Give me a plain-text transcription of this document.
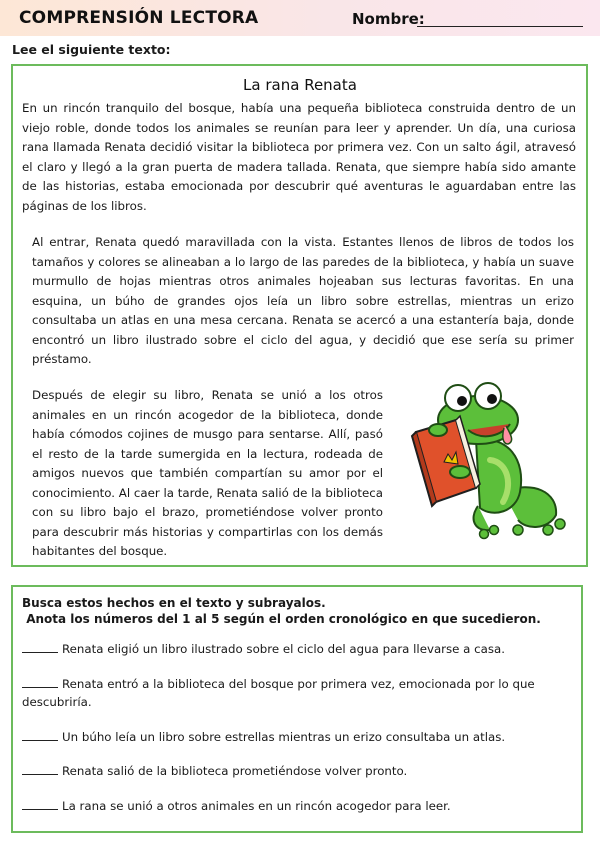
COMPRENSIÓN LECTORA	Nombre:
Lee el siguiente texto:
La rana Renata

En un rincón tranquilo del bosque, había una pequeña biblioteca construida dentro de un viejo roble, donde todos los animales se reunían para leer y aprender. Un día, una curiosa rana llamada Renata decidió visitar la biblioteca por primera vez. Con un salto ágil, atravesó el claro y llegó a la gran puerta de madera tallada. Renata, que siempre había sido amante de las historias, estaba emocionada por descubrir qué aventuras le aguardaban entre las páginas de los libros.

Al entrar, Renata quedó maravillada con la vista. Estantes llenos de libros de todos los tamaños y colores se alineaban a lo largo de las paredes de la biblioteca, y había un suave murmullo de hojas mientras otros animales hojeaban sus lecturas favoritas. En una esquina, un búho de grandes ojos leía un libro sobre estrellas, mientras un erizo consultaba un atlas en una mesa cercana. Renata se acercó a una estantería baja, donde encontró un libro ilustrado sobre el ciclo del agua, y decidió que ese sería su primer préstamo.

Después de elegir su libro, Renata se unió a los otros animales en un rincón acogedor de la biblioteca, donde había cómodos cojines de musgo para sentarse. Allí, pasó el resto de la tarde sumergida en la lectura, rodeada de amigos nuevos que también compartían su amor por el conocimiento. Al caer la tarde, Renata salió de la biblioteca con su libro bajo el brazo, prometiéndose volver pronto para descubrir más historias y compartirlas con los demás habitantes del bosque.

Busca estos hechos en el texto y subrayalos.
Anota los números del 1 al 5 según el orden cronológico en que sucedieron.
Renata eligió un libro ilustrado sobre el ciclo del agua para llevarse a casa.
Renata entró a la biblioteca del bosque por primera vez, emocionada por lo que descubriría.
Un búho leía un libro sobre estrellas mientras un erizo consultaba un atlas.
Renata salió de la biblioteca prometiéndose volver pronto.
La rana se unió a otros animales en un rincón acogedor para leer.
